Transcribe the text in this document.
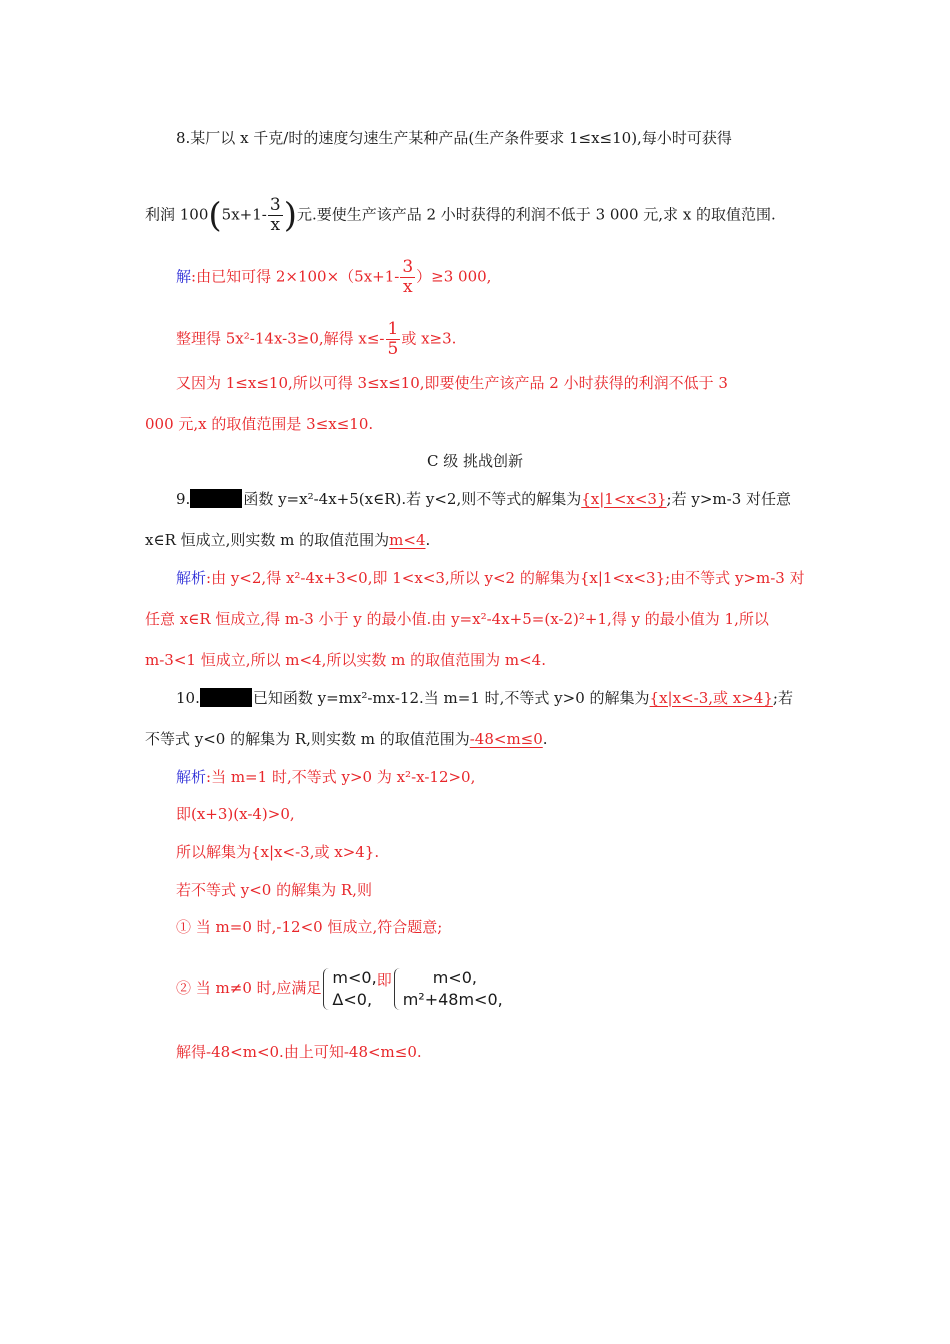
8.某厂以 x 千克/时的速度匀速生产某种产品(生产条件要求 1≤x≤10),每小时可获得
利润 $100(5x+1- \frac{3}{x}$ )元.要使生产该产品 2 小时获得的利润不低于 3 000 元,求 x 的取值范围.
解:由已知可得 $2\times 100\times(5x+1- \frac{3}{x} )\ge 3$ 000,
整理得 5x²-14x-3≥0,解得 $x\le- \frac{1}{5}$ 或 x≥3.
又因为 1≤x≤10,所以可得 3≤x≤10,即要使生产该产品 2 小时获得的利润不低于 3
000 元,x 的取值范围是 3≤x≤10.
C 级 挑战创新
9.	函数 y=x²-4x+5(x∈R).若 y<2,则不等式的解集为{x|1<x<3};若 y>m-3 对任意
x∈R 恒成立,则实数 m 的取值范围为m<4.
解析:由 y<2,得 x²-4x+3<0,即 1<x<3,所以 y<2 的解集为{x|1<x<3};由不等式 y>m-3 对
任意 x∈R 恒成立,得 m-3 小于 y 的最小值.由 y=x²-4x+5=(x-2)²+1,得 y 的最小值为 1,所以
m-3<1 恒成立,所以 m<4,所以实数 m 的取值范围为 m<4.
10.	已知函数 y=mx²-mx-12.当 m=1 时,不等式 y>0 的解集为{x|x<-3,或 x>4};若
不等式 y<0 的解集为 R,则实数 m 的取值范围为-48<m≤0.
解析:当 m=1 时,不等式 y>0 为 x²-x-12>0,
即(x+3)(x-4)>0,
所以解集为{x|x<-3,或 x>4}.
若不等式 y<0 的解集为 R,则
① 当 m=0 时,-12<0 恒成立,符合题意;
② 当 m≠0 时,应满足
m<0,
Δ<0,
即	m<0,
m²+48m<0,
解得-48<m<0.由上可知-48<m≤0.
